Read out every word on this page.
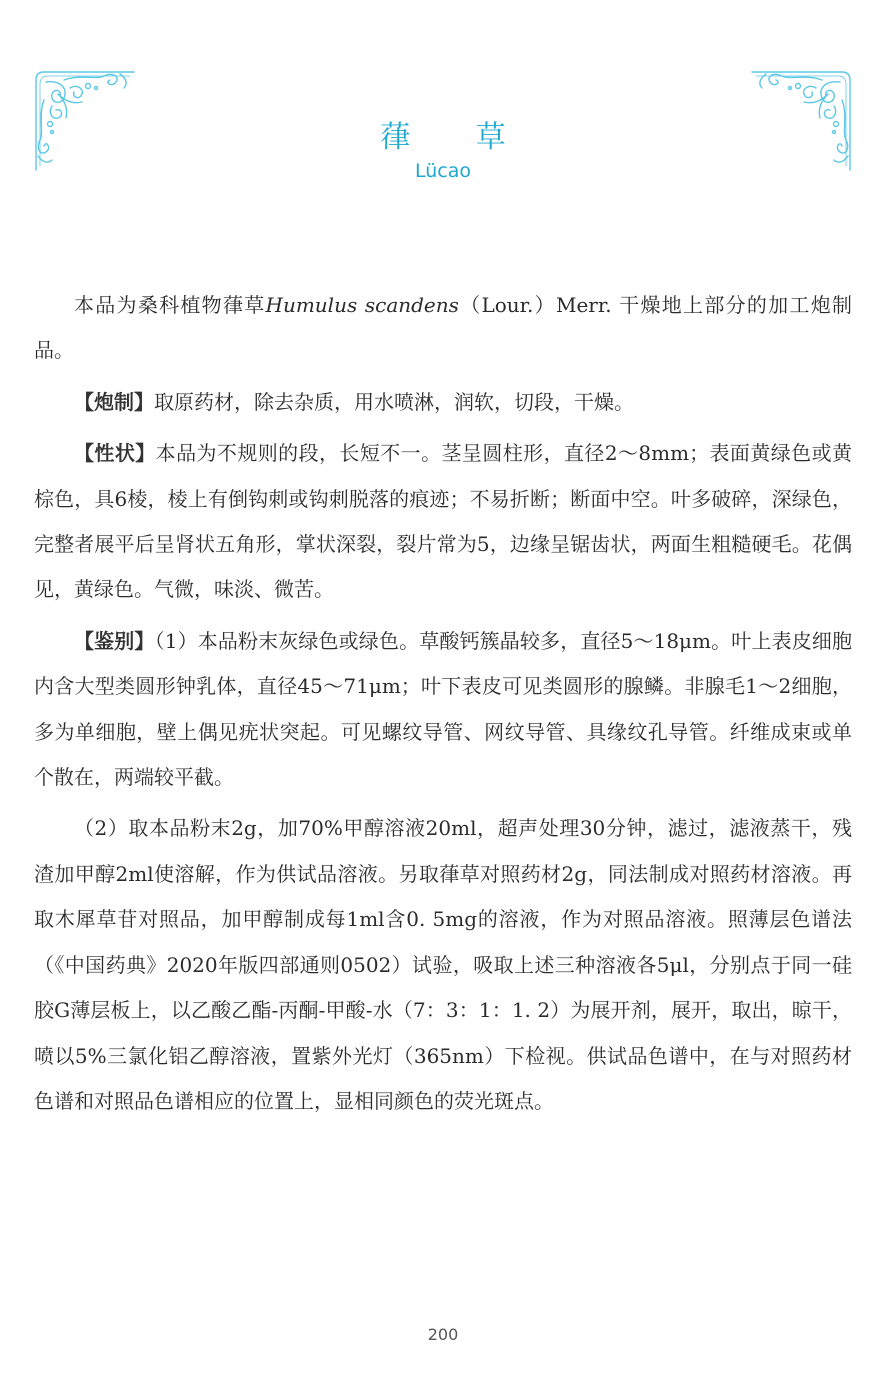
葎 草
Lücao

本品为桑科植物葎草Humulus scandens（Lour.）Merr. 干燥地上部分的加工炮制品。

【炮制】取原药材，除去杂质，用水喷淋，润软，切段，干燥。

【性状】本品为不规则的段，长短不一。茎呈圆柱形，直径2～8mm；表面黄绿色或黄棕色，具6棱，棱上有倒钩刺或钩刺脱落的痕迹；不易折断；断面中空。叶多破碎，深绿色，完整者展平后呈肾状五角形，掌状深裂，裂片常为5，边缘呈锯齿状，两面生粗糙硬毛。花偶见，黄绿色。气微，味淡、微苦。

【鉴别】（1）本品粉末灰绿色或绿色。草酸钙簇晶较多，直径5～18μm。叶上表皮细胞内含大型类圆形钟乳体，直径45～71μm；叶下表皮可见类圆形的腺鳞。非腺毛1～2细胞，多为单细胞，壁上偶见疣状突起。可见螺纹导管、网纹导管、具缘纹孔导管。纤维成束或单个散在，两端较平截。

（2）取本品粉末2g，加70%甲醇溶液20ml，超声处理30分钟，滤过，滤液蒸干，残渣加甲醇2ml使溶解，作为供试品溶液。另取葎草对照药材2g，同法制成对照药材溶液。再取木犀草苷对照品，加甲醇制成每1ml含0. 5mg的溶液，作为对照品溶液。照薄层色谱法（《中国药典》2020年版四部通则0502）试验，吸取上述三种溶液各5μl，分别点于同一硅胶G薄层板上，以乙酸乙酯-丙酮-甲酸-水（7：3：1：1. 2）为展开剂，展开，取出，晾干，喷以5%三氯化铝乙醇溶液，置紫外光灯（365nm）下检视。供试品色谱中，在与对照药材色谱和对照品色谱相应的位置上，显相同颜色的荧光斑点。

200
